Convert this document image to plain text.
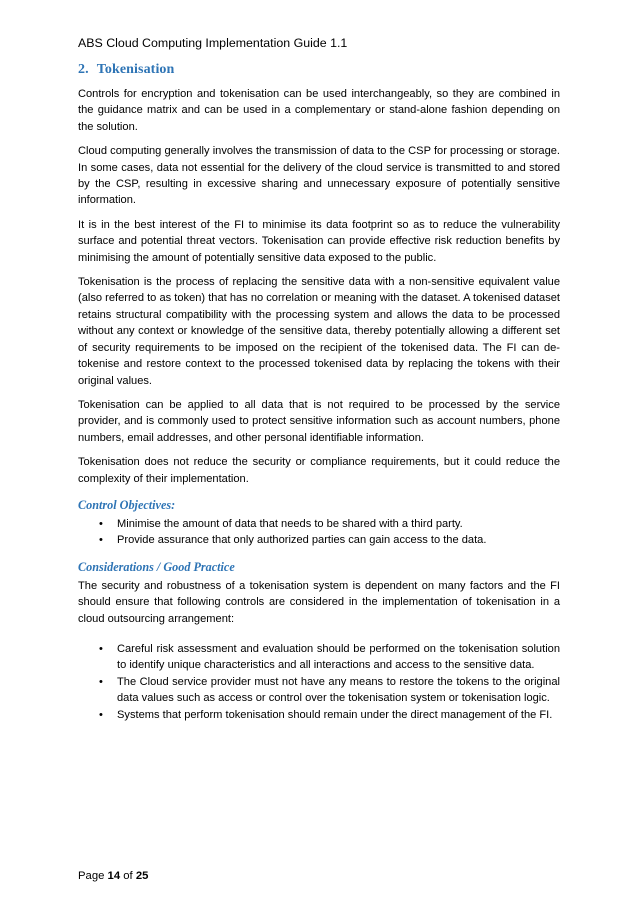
ABS Cloud Computing Implementation Guide 1.1
2. Tokenisation

Controls for encryption and tokenisation can be used interchangeably, so they are combined in the guidance matrix and can be used in a complementary or stand-alone fashion depending on the solution.

Cloud computing generally involves the transmission of data to the CSP for processing or storage. In some cases, data not essential for the delivery of the cloud service is transmitted to and stored by the CSP, resulting in excessive sharing and unnecessary exposure of potentially sensitive information.

It is in the best interest of the FI to minimise its data footprint so as to reduce the vulnerability surface and potential threat vectors. Tokenisation can provide effective risk reduction benefits by minimising the amount of potentially sensitive data exposed to the public.

Tokenisation is the process of replacing the sensitive data with a non-sensitive equivalent value (also referred to as token) that has no correlation or meaning with the dataset. A tokenised dataset retains structural compatibility with the processing system and allows the data to be processed without any context or knowledge of the sensitive data, thereby potentially allowing a different set of security requirements to be imposed on the recipient of the tokenised data. The FI can de-tokenise and restore context to the processed tokenised data by replacing the tokens with their original values.

Tokenisation can be applied to all data that is not required to be processed by the service provider, and is commonly used to protect sensitive information such as account numbers, phone numbers, email addresses, and other personal identifiable information.

Tokenisation does not reduce the security or compliance requirements, but it could reduce the complexity of their implementation.

Control Objectives:
• Minimise the amount of data that needs to be shared with a third party.
• Provide assurance that only authorized parties can gain access to the data.
Considerations / Good Practice

The security and robustness of a tokenisation system is dependent on many factors and the FI should ensure that following controls are considered in the implementation of tokenisation in a cloud outsourcing arrangement:

• Careful risk assessment and evaluation should be performed on the tokenisation solution to identify unique characteristics and all interactions and access to the sensitive data.
• The Cloud service provider must not have any means to restore the tokens to the original data values such as access or control over the tokenisation system or tokenisation logic.
• Systems that perform tokenisation should remain under the direct management of the FI.
Page 14 of 25
